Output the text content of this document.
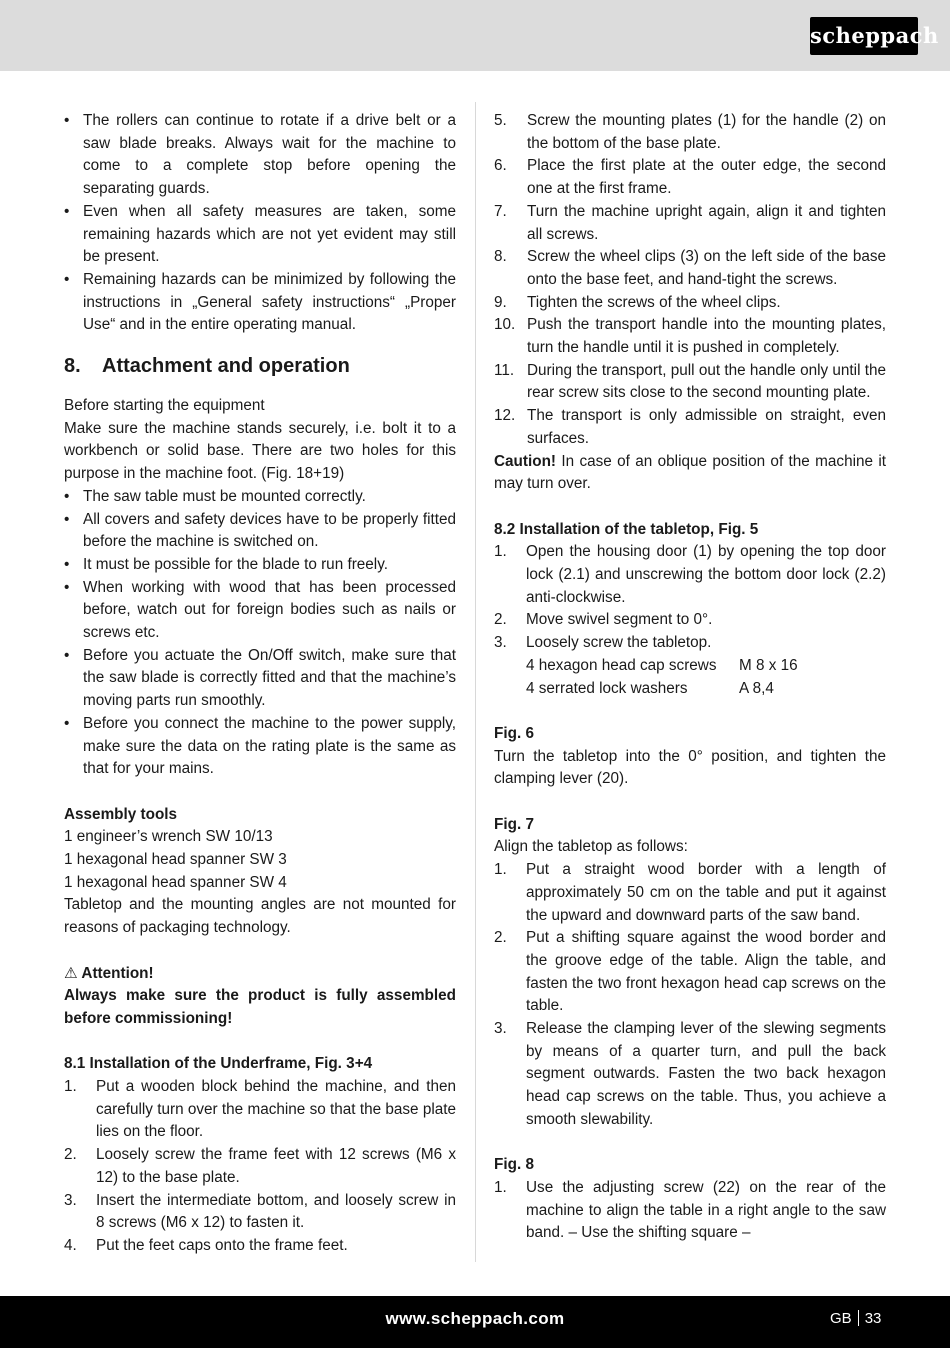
scheppach
• The rollers can continue to rotate if a drive belt or a saw blade breaks. Always wait for the machine to come to a complete stop before opening the separating guards.
• Even when all safety measures are taken, some remaining hazards which are not yet evident may still be present.
• Remaining hazards can be minimized by following the instructions in „General safety instructions“ „Proper Use“ and in the entire operating manual.
8. Attachment and operation

Before starting the equipment

Make sure the machine stands securely, i.e. bolt it to a workbench or solid base. There are two holes for this purpose in the machine foot. (Fig. 18+19)

• The saw table must be mounted correctly.
• All covers and safety devices have to be properly fitted before the machine is switched on.
• It must be possible for the blade to run freely.
• When working with wood that has been processed before, watch out for foreign bodies such as nails or screws etc.
• Before you actuate the On/Off switch, make sure that the saw blade is correctly fitted and that the machine’s moving parts run smoothly.
• Before you connect the machine to the power supply, make sure the data on the rating plate is the same as that for your mains.

Assembly tools

1 engineer’s wrench SW 10/13

1 hexagonal head spanner SW 3

1 hexagonal head spanner SW 4

Tabletop and the mounting angles are not mounted for reasons of packaging technology.

⚠ Attention!

Always make sure the product is fully assembled before commissioning!

8.1 Installation of the Underframe, Fig. 3+4

1. Put a wooden block behind the machine, and then carefully turn over the machine so that the base plate lies on the floor.
2. Loosely screw the frame feet with 12 screws (M6 x 12) to the base plate.
3. Insert the intermediate bottom, and loosely screw in 8 screws (M6 x 12) to fasten it.
4. Put the feet caps onto the frame feet.
5. Screw the mounting plates (1) for the handle (2) on the bottom of the base plate.
6. Place the first plate at the outer edge, the second one at the first frame.
7. Turn the machine upright again, align it and tighten all screws.
8. Screw the wheel clips (3) on the left side of the base onto the base feet, and hand-tight the screws.
9. Tighten the screws of the wheel clips.
10. Push the transport handle into the mounting plates, turn the handle until it is pushed in completely.
11. During the transport, pull out the handle only until the rear screw sits close to the second mounting plate.
12. The transport is only admissible on straight, even surfaces.

Caution! In case of an oblique position of the machine it may turn over.

8.2 Installation of the tabletop, Fig. 5

1. Open the housing door (1) by opening the top door lock (2.1) and unscrewing the bottom door lock (2.2) anti-clockwise.
2. Move swivel segment to 0°.
3. Loosely screw the tabletop.
4 hexagon head cap screws	M 8 x 16
4 serrated lock washers	A 8,4

Fig. 6

Turn the tabletop into the 0° position, and tighten the clamping lever (20).

Fig. 7

Align the tabletop as follows:

1. Put a straight wood border with a length of approximately 50 cm on the table and put it against the upward and downward parts of the saw band.
2. Put a shifting square against the wood border and the groove edge of the table. Align the table, and fasten the two front hexagon head cap screws on the table.
3. Release the clamping lever of the slewing segments by means of a quarter turn, and pull the back segment outwards. Fasten the two back hexagon head cap screws on the table. Thus, you achieve a smooth slewability.

Fig. 8

1. Use the adjusting screw (22) on the rear of the machine to align the table in a right angle to the saw band. – Use the shifting square –
www.scheppach.com	GB 33
